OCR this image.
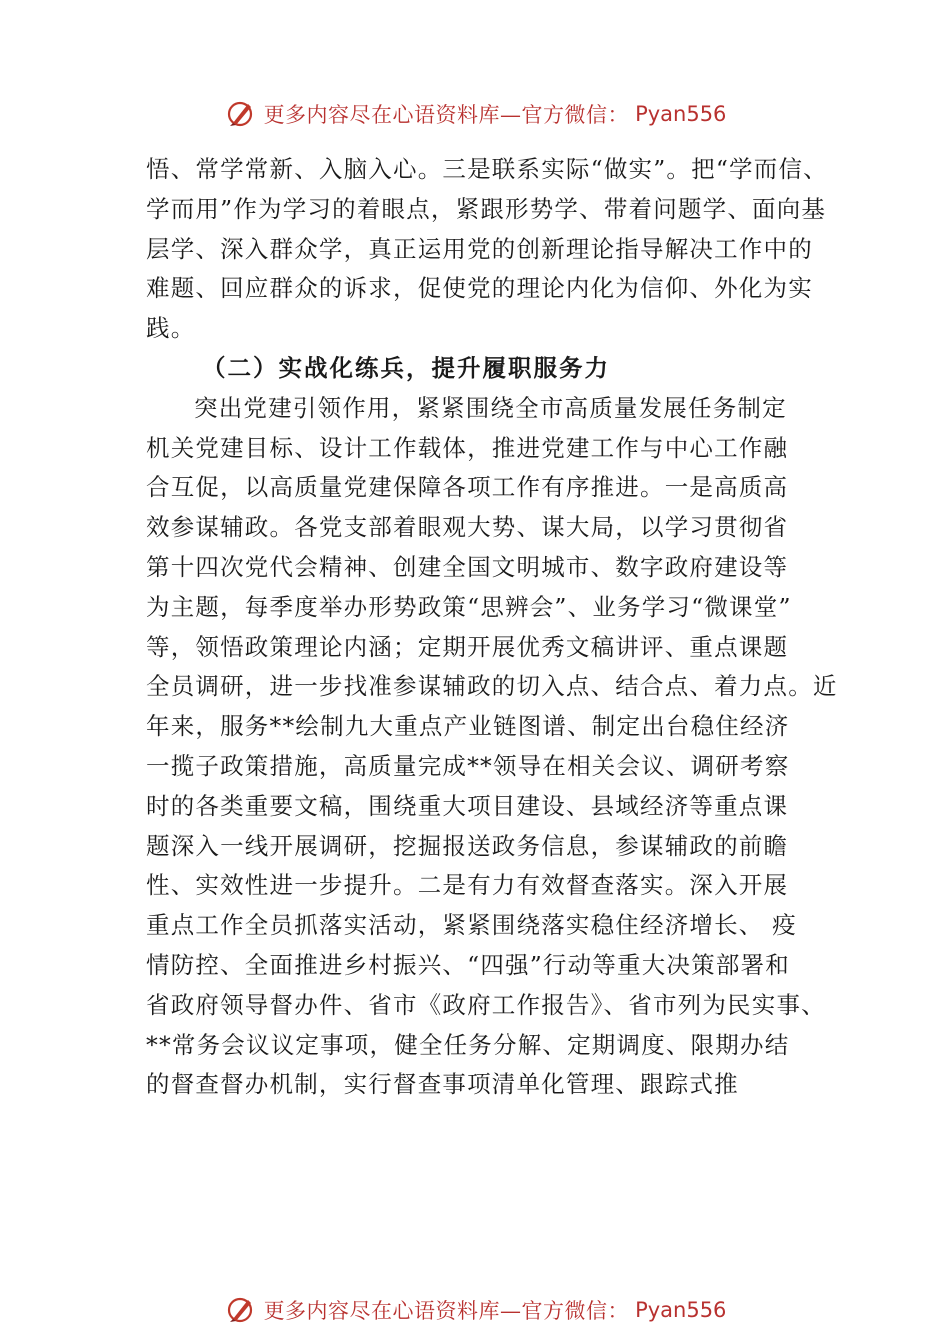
更多内容尽在心语资料库—官方微信： Pyan556
悟、常学常新、入脑入心。三是联系实际“做实”。把“学而信、
学而用”作为学习的着眼点，紧跟形势学、带着问题学、面向基
层学、深入群众学，真正运用党的创新理论指导解决工作中的
难题、回应群众的诉求，促使党的理论内化为信仰、外化为实
践。
（二）实战化练兵，提升履职服务力
突出党建引领作用，紧紧围绕全市高质量发展任务制定
机关党建目标、设计工作载体，推进党建工作与中心工作融
合互促，以高质量党建保障各项工作有序推进。一是高质高
效参谋辅政。各党支部着眼观大势、谋大局，以学习贯彻省
第十四次党代会精神、创建全国文明城市、数字政府建设等
为主题，每季度举办形势政策“思辨会”、业务学习“微课堂”
等，领悟政策理论内涵；定期开展优秀文稿讲评、重点课题
全员调研，进一步找准参谋辅政的切入点、结合点、着力点。近
年来，服务**绘制九大重点产业链图谱、制定出台稳住经济
一揽子政策措施，高质量完成**领导在相关会议、调研考察
时的各类重要文稿，围绕重大项目建设、县域经济等重点课
题深入一线开展调研，挖掘报送政务信息，参谋辅政的前瞻
性、实效性进一步提升。二是有力有效督查落实。深入开展
重点工作全员抓落实活动，紧紧围绕落实稳住经济增长、 疫
情防控、全面推进乡村振兴、“四强”行动等重大决策部署和
省政府领导督办件、省市《政府工作报告》、省市列为民实事、
**常务会议议定事项，健全任务分解、定期调度、限期办结
的督查督办机制，实行督查事项清单化管理、跟踪式推
更多内容尽在心语资料库—官方微信： Pyan556
